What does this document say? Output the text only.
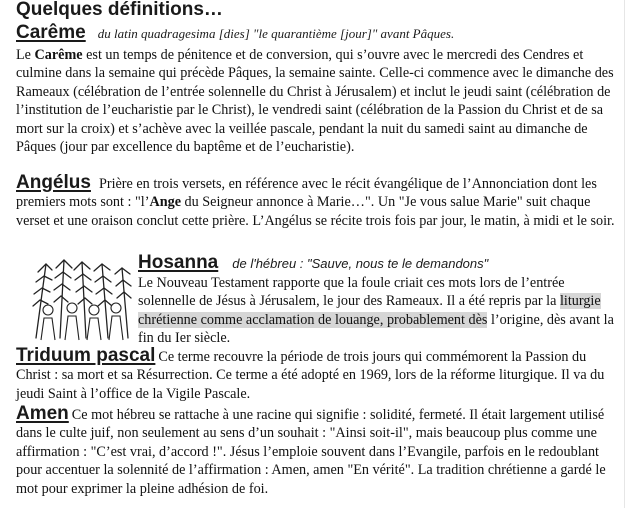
Quelques définitions…
Carême du latin quadragesima [dies] "le quarantième [jour]" avant Pâques.
Le Carême est un temps de pénitence et de conversion, qui s’ouvre avec le mercredi des Cendres et culmine dans la semaine qui précède Pâques, la semaine sainte. Celle-ci commence avec le dimanche des Rameaux (célébration de l’entrée solennelle du Christ à Jérusalem) et inclut le jeudi saint (célébration de l’institution de l’eucharistie par le Christ), le vendredi saint (célébration de la Passion du Christ et de sa mort sur la croix) et s’achève avec la veillée pascale, pendant la nuit du samedi saint au dimanche de Pâques (jour par excellence du baptême et de l’eucharistie).
Angélus Prière en trois versets, en référence avec le récit évangélique de l’Annonciation dont les premiers mots sont : "l’Ange du Seigneur annonce à Marie…". Un "Je vous salue Marie" suit chaque verset et une oraison conclut cette prière. L’Angélus se récite trois fois par jour, le matin, à midi et le soir.
Hosanna de l'hébreu : "Sauve, nous te le demandons"
Le Nouveau Testament rapporte que la foule criait ces mots lors de l’entrée solennelle de Jésus à Jérusalem, le jour des Rameaux. Il a été repris par la liturgie chrétienne comme acclamation de louange, probablement dès l’origine, dès avant la fin du Ier siècle.
Triduum pascal Ce terme recouvre la période de trois jours qui commémorent la Passion du Christ : sa mort et sa Résurrection. Ce terme a été adopté en 1969, lors de la réforme liturgique. Il va du jeudi Saint à l’office de la Vigile Pascale.
Amen Ce mot hébreu se rattache à une racine qui signifie : solidité, fermeté. Il était largement utilisé dans le culte juif, non seulement au sens d’un souhait : "Ainsi soit-il", mais beaucoup plus comme une affirmation : "C’est vrai, d’accord !". Jésus l’emploie souvent dans l’Evangile, parfois en le redoublant pour accentuer la solennité de l’affirmation : Amen, amen "En vérité". La tradition chrétienne a gardé le mot pour exprimer la pleine adhésion de foi.
